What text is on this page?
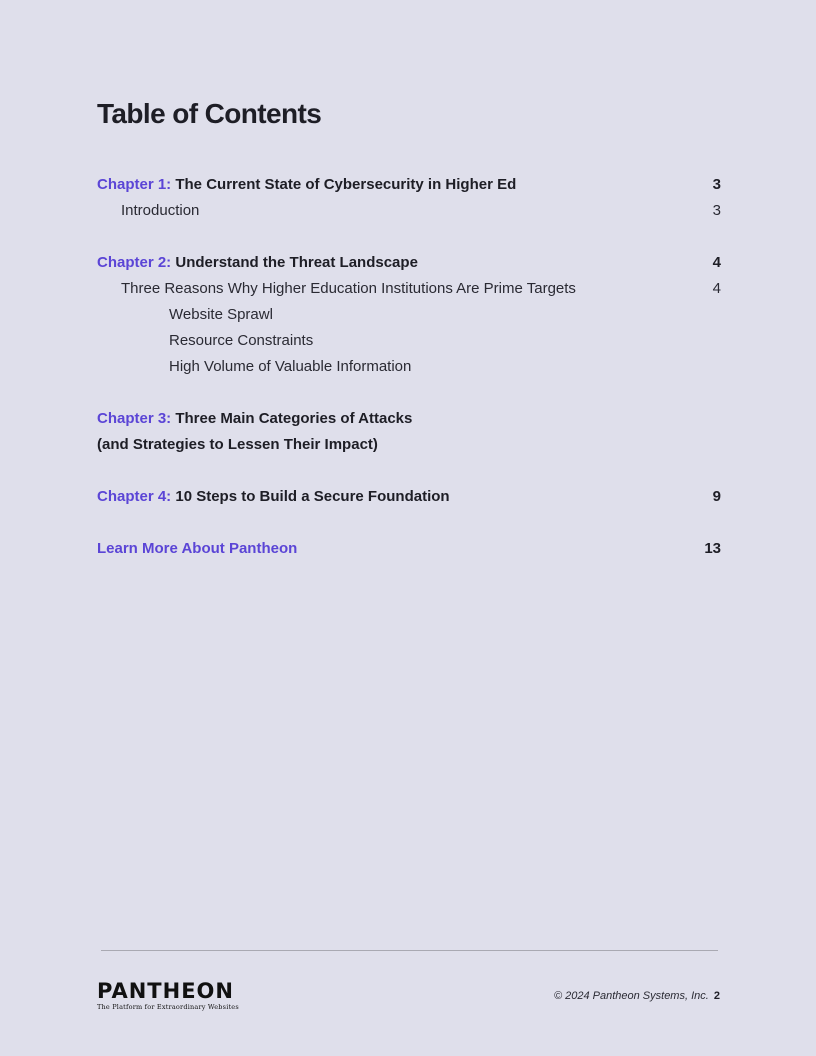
Table of Contents
Chapter 1: The Current State of Cybersecurity in Higher Ed	3
Introduction	3
Chapter 2: Understand the Threat Landscape	4
Three Reasons Why Higher Education Institutions Are Prime Targets	4
Website Sprawl
Resource Constraints
High Volume of Valuable Information
Chapter 3: Three Main Categories of Attacks
(and Strategies to Lessen Their Impact)
Chapter 4: 10 Steps to Build a Secure Foundation	9
Learn More About Pantheon	13
PANTHEON
The Platform for Extraordinary Websites
© 2024 Pantheon Systems, Inc. 2
